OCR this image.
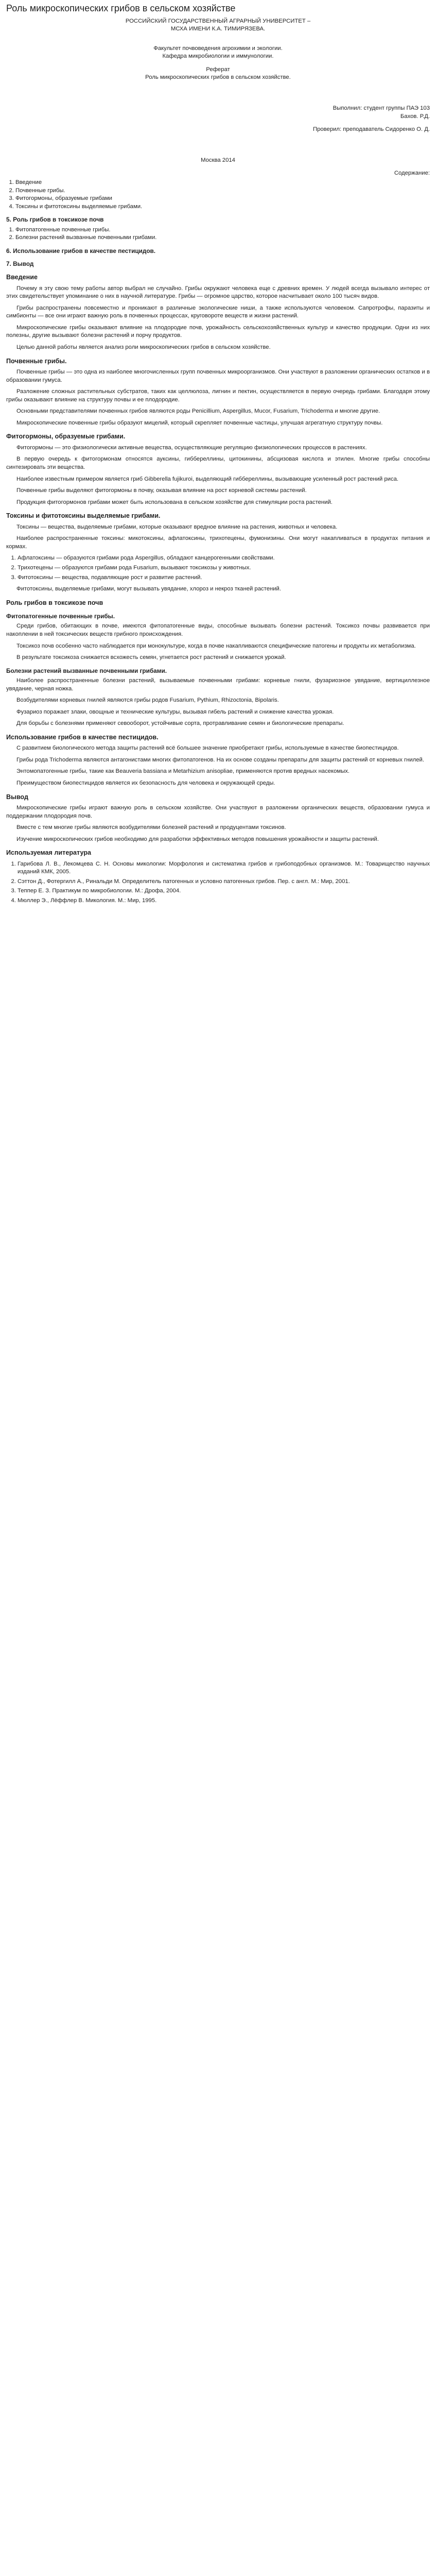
Роль микроскопических грибов в сельском хозяйстве
РОССИЙСКИЙ ГОСУДАРСТВЕННЫЙ АГРАРНЫЙ УНИВЕРСИТЕТ –
МСХА ИМЕНИ К.А. ТИМИРЯЗЕВА.
Факультет почвоведения агрохимии и экологии.
Кафедра микробиологии и иммунологии.
Реферат
Роль микроскопических грибов в сельском хозяйстве.
Выполнил: студент группы ПАЭ 103
Бахов. Р.Д.
Проверил: преподаватель Сидоренко О. Д.
Москва 2014
Содержание:
1. Введение
2. Почвенные грибы.
3. Фитогормоны, образуемые грибами
4. Токсины и фитотоксины выделяемые грибами.
5. Роль грибов в токсикозе почв
1. Фитопатогенные почвенные грибы.
2. Болезни растений вызванные почвенными грибами.
6. Использование грибов в качестве пестицидов.
7. Вывод
Введение

Почему я эту свою тему работы автор выбрал не случайно. Грибы окружают человека еще с древних времен. У людей всегда вызывало интерес от этих свидетельствует упоминание о них в научной литературе. Грибы — огромное царство, которое насчитывает около 100 тысяч видов.

Грибы распространены повсеместно и проникают в различные экологические ниши, а также используются человеком. Сапротрофы, паразиты и симбионты — все они играют важную роль в почвенных процессах, круговороте веществ и жизни растений.

Микроскопические грибы оказывают влияние на плодородие почв, урожайность сельскохозяйственных культур и качество продукции. Одни из них полезны, другие вызывают болезни растений и порчу продуктов.

Целью данной работы является анализ роли микроскопических грибов в сельском хозяйстве.

Почвенные грибы.

Почвенные грибы — это одна из наиболее многочисленных групп почвенных микроорганизмов. Они участвуют в разложении органических остатков и в образовании гумуса.

Разложение сложных растительных субстратов, таких как целлюлоза, лигнин и пектин, осуществляется в первую очередь грибами. Благодаря этому грибы оказывают влияние на структуру почвы и ее плодородие.

Основными представителями почвенных грибов являются роды Penicillium, Aspergillus, Mucor, Fusarium, Trichoderma и многие другие.

Микроскопические почвенные грибы образуют мицелий, который скрепляет почвенные частицы, улучшая агрегатную структуру почвы.

Фитогормоны, образуемые грибами.

Фитогормоны — это физиологически активные вещества, осуществляющие регуляцию физиологических процессов в растениях.

В первую очередь к фитогормонам относятся ауксины, гиббереллины, цитокинины, абсцизовая кислота и этилен. Многие грибы способны синтезировать эти вещества.

Наиболее известным примером является гриб Gibberella fujikuroi, выделяющий гиббереллины, вызывающие усиленный рост растений риса.

Почвенные грибы выделяют фитогормоны в почву, оказывая влияние на рост корневой системы растений.

Продукция фитогормонов грибами может быть использована в сельском хозяйстве для стимуляции роста растений.

Токсины и фитотоксины выделяемые грибами.

Токсины — вещества, выделяемые грибами, которые оказывают вредное влияние на растения, животных и человека.

Наиболее распространенные токсины: микотоксины, афлатоксины, трихотецены, фумонизины. Они могут накапливаться в продуктах питания и кормах.

1. Афлатоксины — образуются грибами рода Aspergillus, обладают канцерогенными свойствами.
2. Трихотецены — образуются грибами рода Fusarium, вызывают токсикозы у животных.
3. Фитотоксины — вещества, подавляющие рост и развитие растений.

Фитотоксины, выделяемые грибами, могут вызывать увядание, хлороз и некроз тканей растений.

Роль грибов в токсикозе почв
Фитопатогенные почвенные грибы.

Среди грибов, обитающих в почве, имеются фитопатогенные виды, способные вызывать болезни растений. Токсикоз почвы развивается при накоплении в ней токсических веществ грибного происхождения.

Токсикоз почв особенно часто наблюдается при монокультуре, когда в почве накапливаются специфические патогены и продукты их метаболизма.

В результате токсикоза снижается всхожесть семян, угнетается рост растений и снижается урожай.

Болезни растений вызванные почвенными грибами.

Наиболее распространенные болезни растений, вызываемые почвенными грибами: корневые гнили, фузариозное увядание, вертициллезное увядание, черная ножка.

Возбудителями корневых гнилей являются грибы родов Fusarium, Pythium, Rhizoctonia, Bipolaris.

Фузариоз поражает злаки, овощные и технические культуры, вызывая гибель растений и снижение качества урожая.

Для борьбы с болезнями применяют севооборот, устойчивые сорта, протравливание семян и биологические препараты.

Использование грибов в качестве пестицидов.

С развитием биологического метода защиты растений всё большее значение приобретают грибы, используемые в качестве биопестицидов.

Грибы рода Trichoderma являются антагонистами многих фитопатогенов. На их основе созданы препараты для защиты растений от корневых гнилей.

Энтомопатогенные грибы, такие как Beauveria bassiana и Metarhizium anisopliae, применяются против вредных насекомых.

Преимуществом биопестицидов является их безопасность для человека и окружающей среды.

Вывод

Микроскопические грибы играют важную роль в сельском хозяйстве. Они участвуют в разложении органических веществ, образовании гумуса и поддержании плодородия почв.

Вместе с тем многие грибы являются возбудителями болезней растений и продуцентами токсинов.

Изучение микроскопических грибов необходимо для разработки эффективных методов повышения урожайности и защиты растений.

Используемая литература
1. Гарибова Л. В., Лекомцева С. Н. Основы микологии: Морфология и систематика грибов и грибоподобных организмов. М.: Товарищество научных изданий КМК, 2005.
2. Сэттон Д., Фотергилл А., Ринальди М. Определитель патогенных и условно патогенных грибов. Пер. с англ. М.: Мир, 2001.
3. Теппер Е. З. Практикум по микробиологии. М.: Дрофа, 2004.
4. Мюллер Э., Лёффлер В. Микология. М.: Мир, 1995.
